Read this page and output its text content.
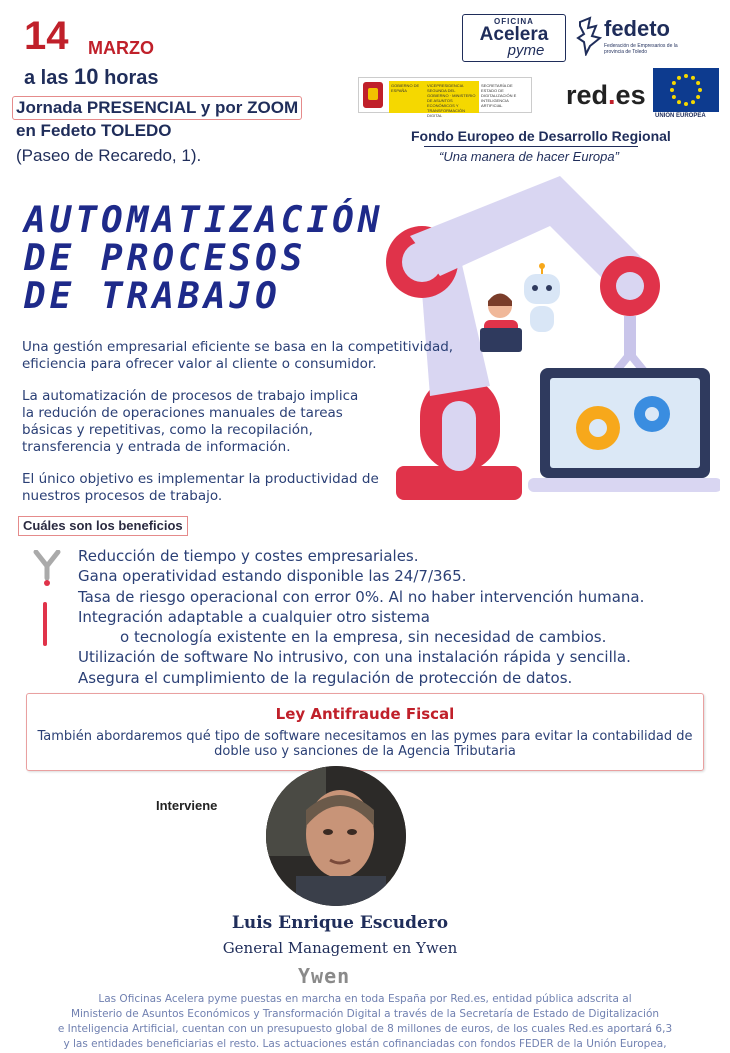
14 MARZO
a las 10 horas
Jornada PRESENCIAL y por ZOOM
en Fedeto TOLEDO
(Paseo de Recaredo, 1).
OFICINA
Acelera
pyme
fedeto
Federación de Empresarios de la provincia de Toledo
GOBIERNO DE ESPAÑA
VICEPRESIDENCIA SEGUNDA DEL GOBIERNO · MINISTERIO DE ASUNTOS ECONÓMICOS Y TRANSFORMACIÓN DIGITAL
SECRETARÍA DE ESTADO DE DIGITALIZACIÓN E INTELIGENCIA ARTIFICIAL	red.es
UNIÓN EUROPEA
Fondo Europeo de Desarrollo Regional
“Una manera de hacer Europa”
AUTOMATIZACIÓN
DE PROCESOS
DE TRABAJO
Una gestión empresarial eficiente se basa en la competitividad, eficiencia para ofrecer valor al cliente o consumidor.
La automatización de procesos de trabajo implica la redución de operaciones manuales de tareas básicas y repetitivas, como la recopilación, transferencia y entrada de información.
El único objetivo es implementar la productividad de nuestros procesos de trabajo.
Cuáles son los beneficios
Reducción de tiempo y costes empresariales.
Gana operatividad estando disponible las 24/7/365.
Tasa de riesgo operacional con error 0%. Al no haber intervención humana.
Integración adaptable a cualquier otro sistema
o tecnología existente en la empresa, sin necesidad de cambios.
Utilización de software No intrusivo, con una instalación rápida y sencilla.
Asegura el cumplimiento de la regulación de protección de datos.
Ley Antifraude Fiscal
También abordaremos qué tipo de software necesitamos en las pymes para evitar la contabilidad de doble uso y sanciones de la Agencia Tributaria
Interviene
Luis Enrique Escudero
General Management en Ywen
Ywen
Las Oficinas Acelera pyme puestas en marcha en toda España por Red.es, entidad pública adscrita al
Ministerio de Asuntos Económicos y Transformación Digital a través de la Secretaría de Estado de Digitalización
e Inteligencia Artificial, cuentan con un presupuesto global de 8 millones de euros, de los cuales Red.es aportará 6,3
y las entidades beneficiarias el resto. Las actuaciones están cofinanciadas con fondos FEDER de la Unión Europea,
